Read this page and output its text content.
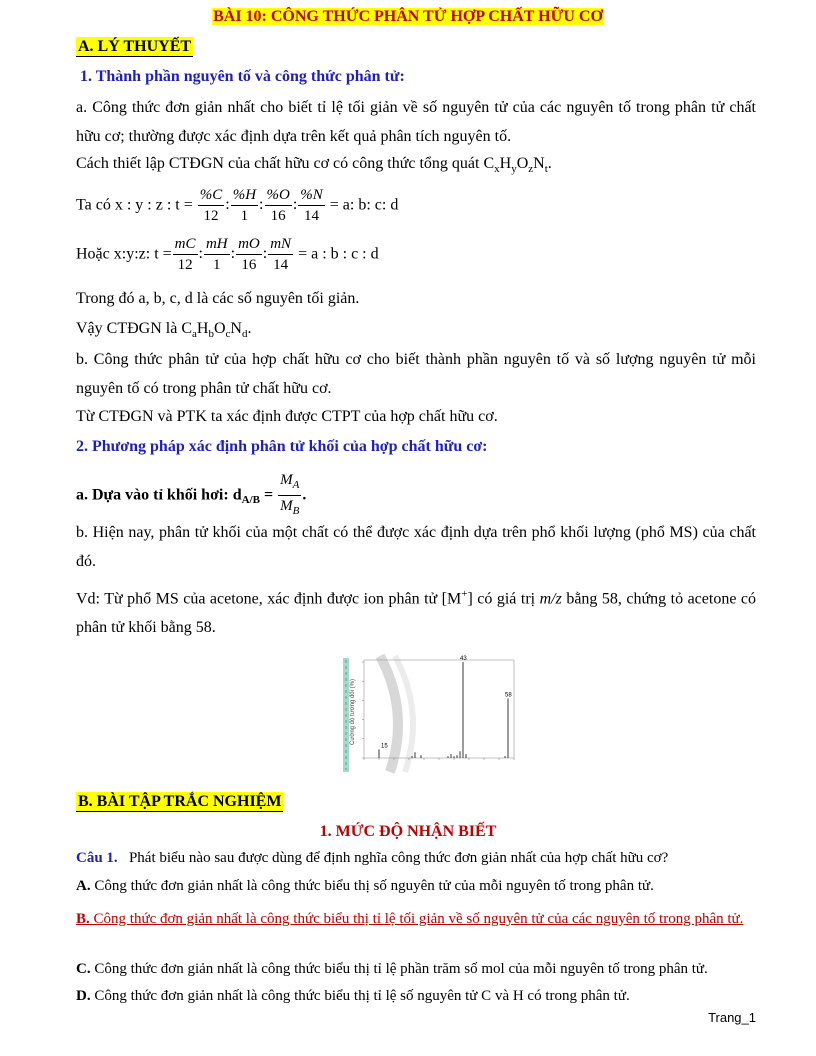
BÀI 10: CÔNG THỨC PHÂN TỬ HỢP CHẤT HỮU CƠ
A. LÝ THUYẾT
1. Thành phần nguyên tố và công thức phân tử:
a. Công thức đơn giản nhất cho biết tỉ lệ tối giản về số nguyên tử của các nguyên tố trong phân tử chất hữu cơ; thường được xác định dựa trên kết quả phân tích nguyên tố.
Cách thiết lập CTĐGN của chất hữu cơ có công thức tổng quát $C_xH_yO_zN_t$.
Ta có x : y : z : $t = \frac{\%C}{12}$ : $\frac{\%H}{1}$ : $\frac{\%O}{16}$ : $\frac{\%N}{14} = a$: b: c: d
Hoặc x:y:z: $t = \frac{mC}{12}$ : $\frac{mH}{1}$ : $\frac{mO}{16}$ : $\frac{mN}{14} = a$ : b : c : d
Trong đó a, b, c, d là các số nguyên tối giản.
Vậy CTĐGN là $C_aH_bO_cN_d$.
b. Công thức phân tử của hợp chất hữu cơ cho biết thành phần nguyên tố và số lượng nguyên tử mỗi nguyên tố có trong phân tử chất hữu cơ.
Từ CTĐGN và PTK ta xác định được CTPT của hợp chất hữu cơ.
2. Phương pháp xác định phân tử khối của hợp chất hữu cơ:
a. Dựa vào tỉ khối hơi: $d_{A/B} = \frac{M_A}{M_B}$ .
b. Hiện nay, phân tử khối của một chất có thể được xác định dựa trên phổ khối lượng (phổ MS) của chất đó.
Vd: Từ phổ MS của acetone, xác định được ion phân tử [M+] có giá trị m/z bằng 58, chứng tỏ acetone có phân tử khối bằng 58.
Cường độ tương đối (%)
43
58
15
B. BÀI TẬP TRẮC NGHIỆM
1. MỨC ĐỘ NHẬN BIẾT
Câu 1. Phát biểu nào sau được dùng để định nghĩa công thức đơn giản nhất của hợp chất hữu cơ?
A. Công thức đơn giản nhất là công thức biểu thị số nguyên tử của mỗi nguyên tố trong phân tử.
B. Công thức đơn giản nhất là công thức biểu thị tỉ lệ tối giản về số nguyên tử của các nguyên tố trong phân tử.
C. Công thức đơn giản nhất là công thức biểu thị tỉ lệ phần trăm số mol của mỗi nguyên tố trong phân tử.
D. Công thức đơn giản nhất là công thức biểu thị tỉ lệ số nguyên tử C và H có trong phân tử.
Trang_1
